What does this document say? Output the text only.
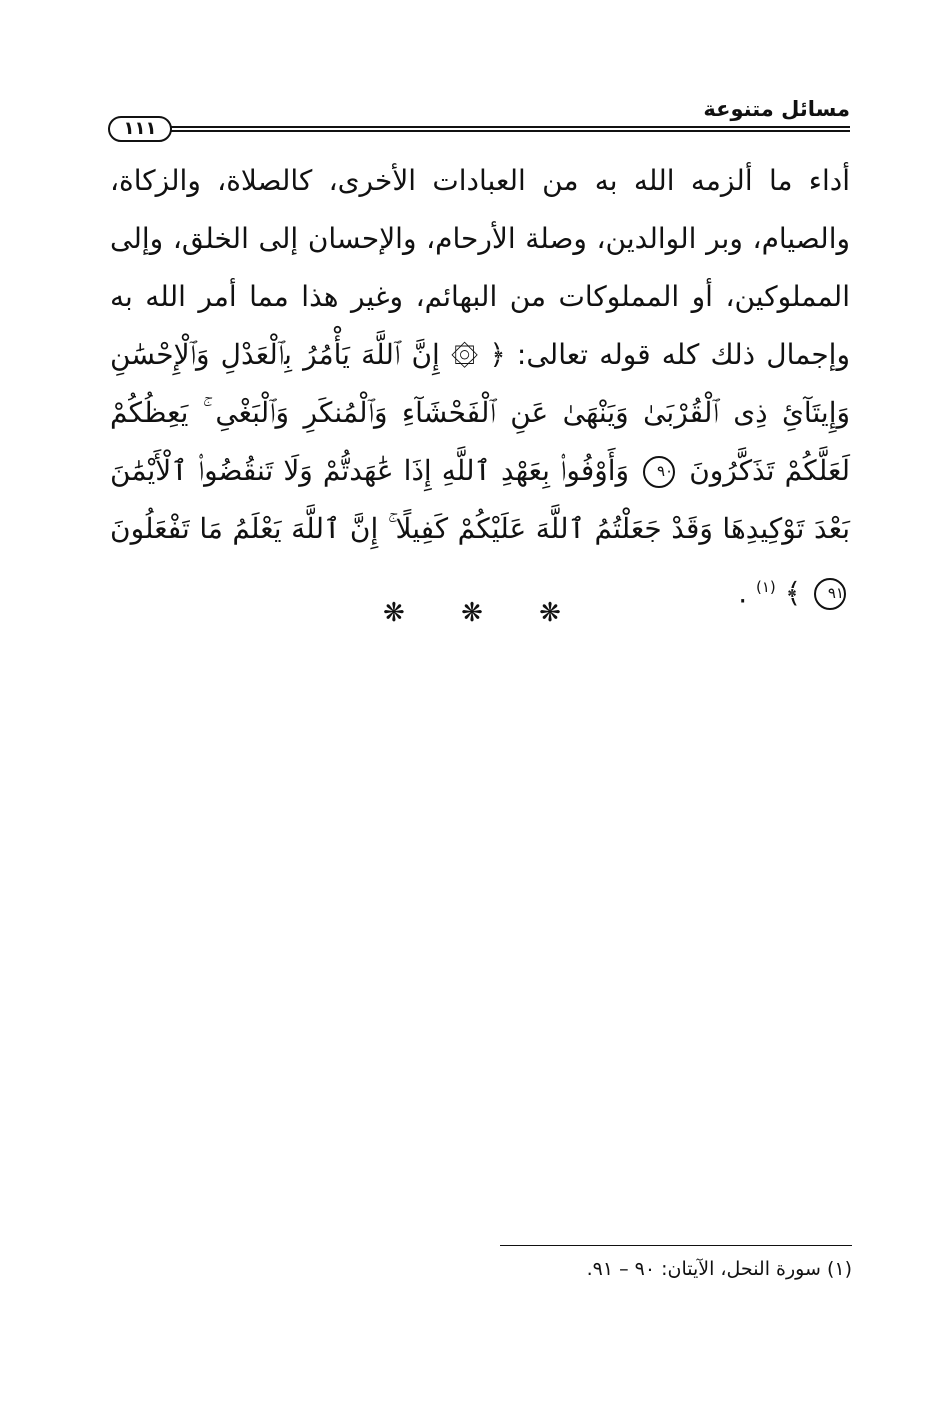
مسائل متنوعة
١١١
أداء ما ألزمه الله به من العبادات الأخرى، كالصلاة، والزكاة، والصيام، وبر الوالدين، وصلة الأرحام، والإحسان إلى الخلق، وإلى المملوكين، أو المملوكات من البهائم، وغير هذا مما أمر الله به وإجمال ذلك كله قوله تعالى: ﴿ ۞ إِنَّ ٱللَّهَ يَأْمُرُ بِٱلْعَدْلِ وَٱلْإِحْسَٰنِ وَإِيتَآئِ ذِى ٱلْقُرْبَىٰ وَيَنْهَىٰ عَنِ ٱلْفَحْشَآءِ وَٱلْمُنكَرِ وَٱلْبَغْىِ ۚ يَعِظُكُمْ لَعَلَّكُمْ تَذَكَّرُونَ ٩٠ وَأَوْفُوا۟ بِعَهْدِ ٱللَّهِ إِذَا عَٰهَدتُّمْ وَلَا تَنقُضُوا۟ ٱلْأَيْمَٰنَ بَعْدَ تَوْكِيدِهَا وَقَدْ جَعَلْتُمُ ٱللَّهَ عَلَيْكُمْ كَفِيلًا ۚ إِنَّ ٱللَّهَ يَعْلَمُ مَا تَفْعَلُونَ ٩١ ﴾ $^{(١)}$ .
❋ ❋ ❋
(١) سورة النحل، الآيتان: ٩٠ – ٩١.
